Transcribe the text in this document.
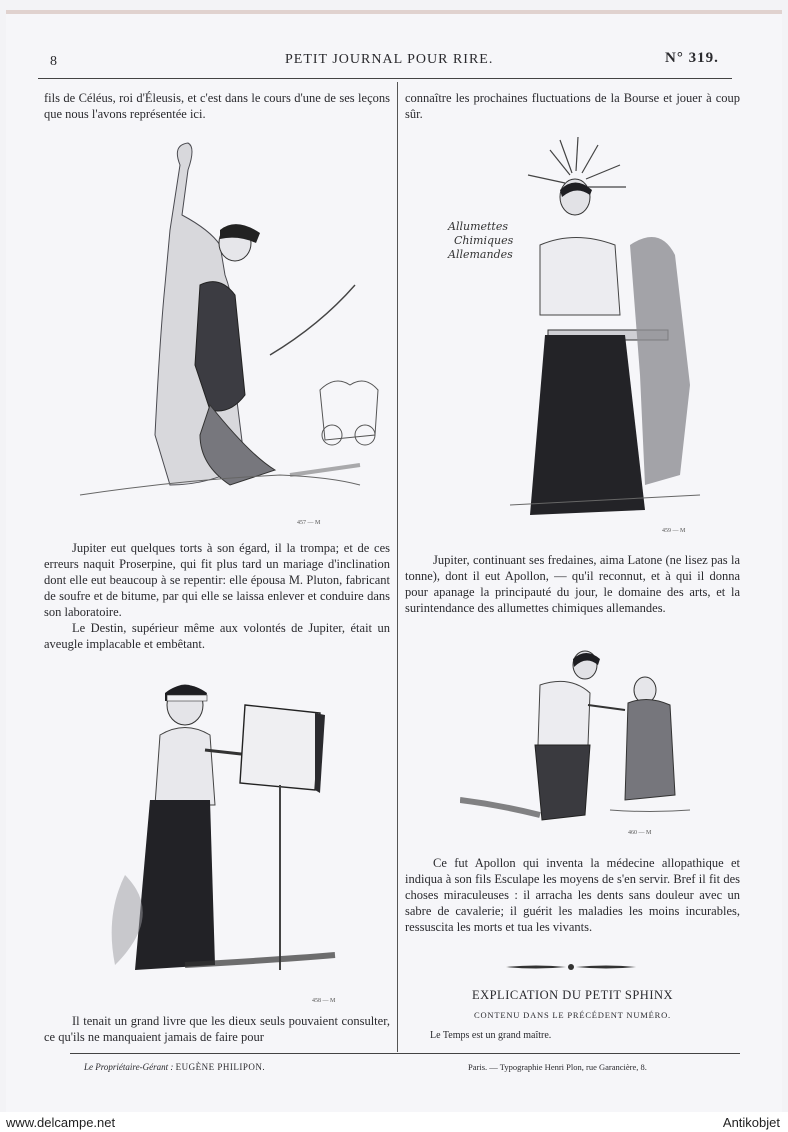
8	PETIT JOURNAL POUR RIRE.	N° 319.

fils de Céléus, roi d'Éleusis, et c'est dans le cours d'une de ses leçons que nous l'avons représentée ici.

457 — M

Jupiter eut quelques torts à son égard, il la trompa; et de ces erreurs naquit Proserpine, qui fit plus tard un mariage d'inclination dont elle eut beaucoup à se repentir: elle épousa M. Pluton, fabricant de soufre et de bitume, par qui elle se laissa enlever et conduire dans son laboratoire.

Le Destin, supérieur même aux volontés de Jupiter, était un aveugle implacable et embêtant.

458 — M

Il tenait un grand livre que les dieux seuls pouvaient consulter, ce qu'ils ne manquaient jamais de faire pour

connaître les prochaines fluctuations de la Bourse et jouer à coup sûr.

Allumettes
Chimiques
Allemandes
459 — M

Jupiter, continuant ses fredaines, aima Latone (ne lisez pas la tonne), dont il eut Apollon, — qu'il reconnut, et à qui il donna pour apanage la principauté du jour, le domaine des arts, et la surintendance des allumettes chimiques allemandes.

460 — M

Ce fut Apollon qui inventa la médecine allopathique et indiqua à son fils Esculape les moyens de s'en servir. Bref il fit des choses miraculeuses : il arracha les dents sans douleur avec un sabre de cavalerie; il guérit les maladies les moins incurables, ressuscita les morts et tua les vivants.

EXPLICATION DU PETIT SPHINX
CONTENU DANS LE PRÉCÉDENT NUMÉRO.
Le Temps est un grand maître.
Le Propriétaire-Gérant : EUGÈNE PHILIPON.	Paris. — Typographie Henri Plon, rue Garancière, 8.
www.delcampe.net	Antikobjet
